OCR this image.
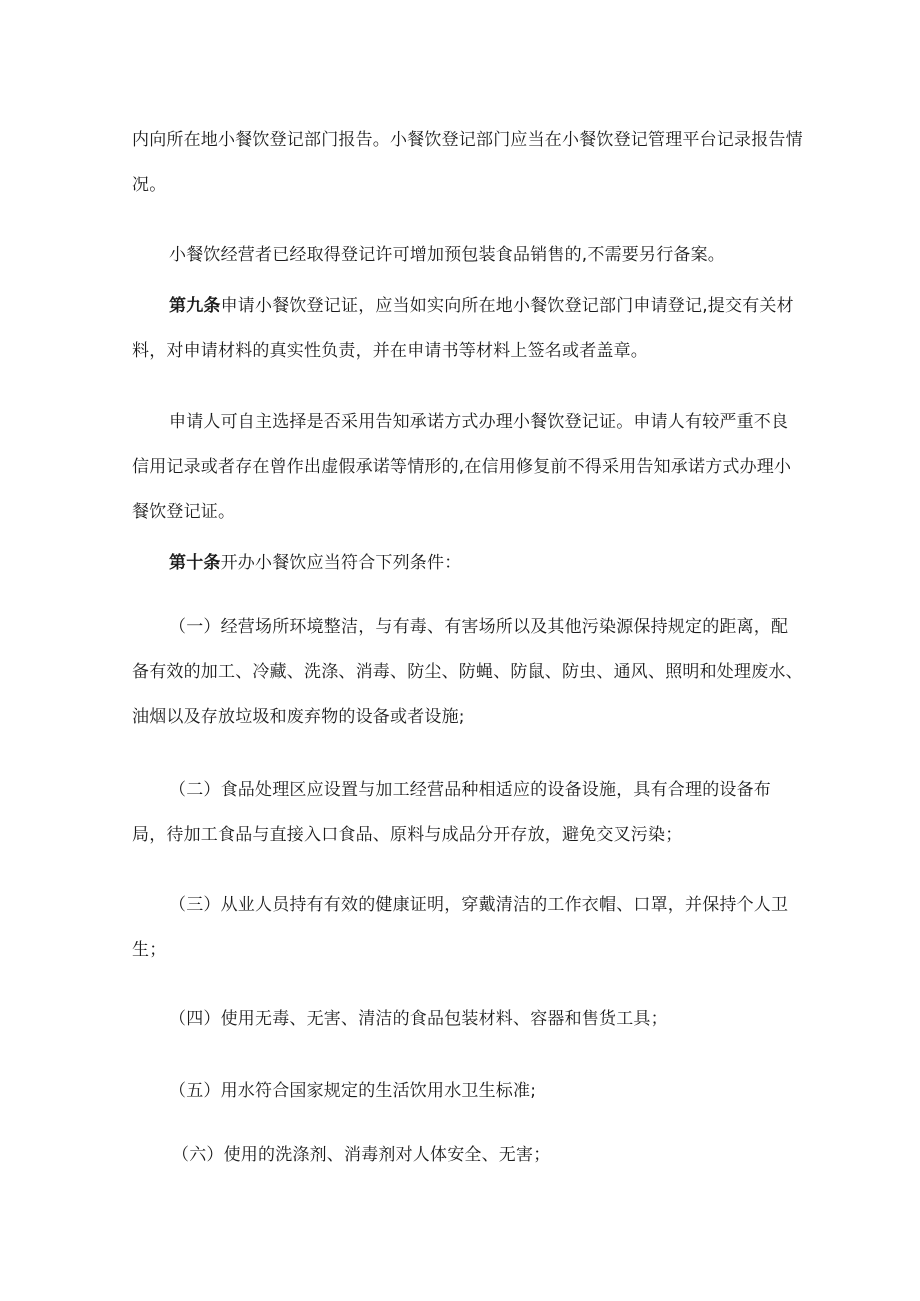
内向所在地小餐饮登记部门报告。小餐饮登记部门应当在小餐饮登记管理平台记录报告情况。

小餐饮经营者已经取得登记许可增加预包装食品销售的,不需要另行备案。

第九条申请小餐饮登记证，应当如实向所在地小餐饮登记部门申请登记,提交有关材料，对申请材料的真实性负责，并在申请书等材料上签名或者盖章。

申请人可自主选择是否采用告知承诺方式办理小餐饮登记证。申请人有较严重不良信用记录或者存在曾作出虚假承诺等情形的,在信用修复前不得采用告知承诺方式办理小餐饮登记证。

第十条开办小餐饮应当符合下列条件：

（一）经营场所环境整洁，与有毒、有害场所以及其他污染源保持规定的距离，配备有效的加工、冷藏、洗涤、消毒、防尘、防蝇、防鼠、防虫、通风、照明和处理废水、油烟以及存放垃圾和废弃物的设备或者设施;

（二）食品处理区应设置与加工经营品种相适应的设备设施，具有合理的设备布局，待加工食品与直接入口食品、原料与成品分开存放，避免交叉污染；

（三）从业人员持有有效的健康证明，穿戴清洁的工作衣帽、口罩，并保持个人卫生；

（四）使用无毒、无害、清洁的食品包装材料、容器和售货工具；

（五）用水符合国家规定的生活饮用水卫生标准;

（六）使用的洗涤剂、消毒剂对人体安全、无害；
